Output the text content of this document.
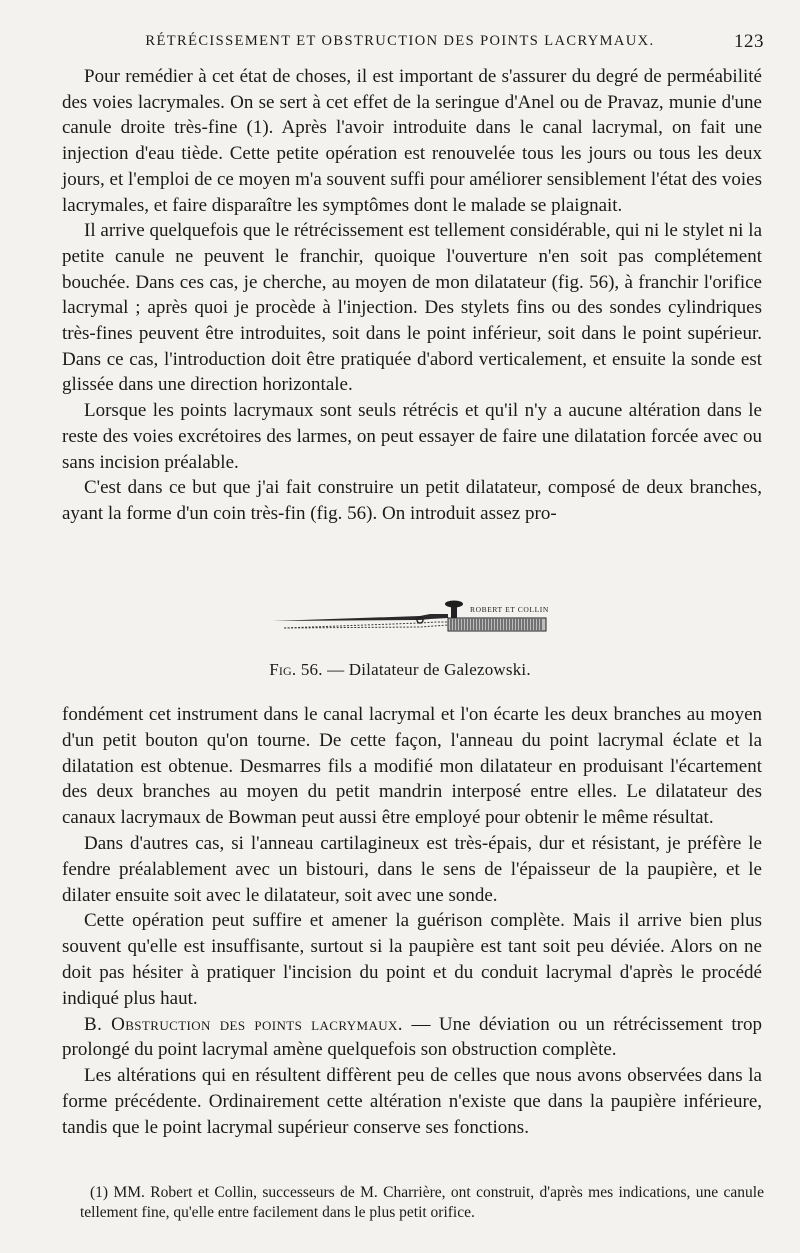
RÉTRÉCISSEMENT ET OBSTRUCTION DES POINTS LACRYMAUX.	123

Pour remédier à cet état de choses, il est important de s'assurer du degré de perméabilité des voies lacrymales. On se sert à cet effet de la seringue d'Anel ou de Pravaz, munie d'une canule droite très-fine (1). Après l'avoir introduite dans le canal lacrymal, on fait une injection d'eau tiède. Cette petite opération est renouvelée tous les jours ou tous les deux jours, et l'emploi de ce moyen m'a souvent suffi pour améliorer sensiblement l'état des voies lacrymales, et faire disparaître les symptômes dont le malade se plaignait.

Il arrive quelquefois que le rétrécissement est tellement considérable, qui ni le stylet ni la petite canule ne peuvent le franchir, quoique l'ouverture n'en soit pas complétement bouchée. Dans ces cas, je cherche, au moyen de mon dilatateur (fig. 56), à franchir l'orifice lacrymal ; après quoi je procède à l'injection. Des stylets fins ou des sondes cylindriques très-fines peuvent être introduites, soit dans le point inférieur, soit dans le point supérieur. Dans ce cas, l'introduction doit être pratiquée d'abord verticalement, et ensuite la sonde est glissée dans une direction horizontale.

Lorsque les points lacrymaux sont seuls rétrécis et qu'il n'y a aucune altération dans le reste des voies excrétoires des larmes, on peut essayer de faire une dilatation forcée avec ou sans incision préalable.

C'est dans ce but que j'ai fait construire un petit dilatateur, composé de deux branches, ayant la forme d'un coin très-fin (fig. 56). On introduit assez pro-

ROBERT ET COLLIN
Fig. 56. — Dilatateur de Galezowski.

fondément cet instrument dans le canal lacrymal et l'on écarte les deux branches au moyen d'un petit bouton qu'on tourne. De cette façon, l'anneau du point lacrymal éclate et la dilatation est obtenue. Desmarres fils a modifié mon dilatateur en produisant l'écartement des deux branches au moyen du petit mandrin interposé entre elles. Le dilatateur des canaux lacrymaux de Bowman peut aussi être employé pour obtenir le même résultat.

Dans d'autres cas, si l'anneau cartilagineux est très-épais, dur et résistant, je préfère le fendre préalablement avec un bistouri, dans le sens de l'épaisseur de la paupière, et le dilater ensuite soit avec le dilatateur, soit avec une sonde.

Cette opération peut suffire et amener la guérison complète. Mais il arrive bien plus souvent qu'elle est insuffisante, surtout si la paupière est tant soit peu déviée. Alors on ne doit pas hésiter à pratiquer l'incision du point et du conduit lacrymal d'après le procédé indiqué plus haut.

B. Obstruction des points lacrymaux. — Une déviation ou un rétrécissement trop prolongé du point lacrymal amène quelquefois son obstruction complète.

Les altérations qui en résultent diffèrent peu de celles que nous avons observées dans la forme précédente. Ordinairement cette altération n'existe que dans la paupière inférieure, tandis que le point lacrymal supérieur conserve ses fonctions.

(1) MM. Robert et Collin, successeurs de M. Charrière, ont construit, d'après mes indications, une canule tellement fine, qu'elle entre facilement dans le plus petit orifice.
